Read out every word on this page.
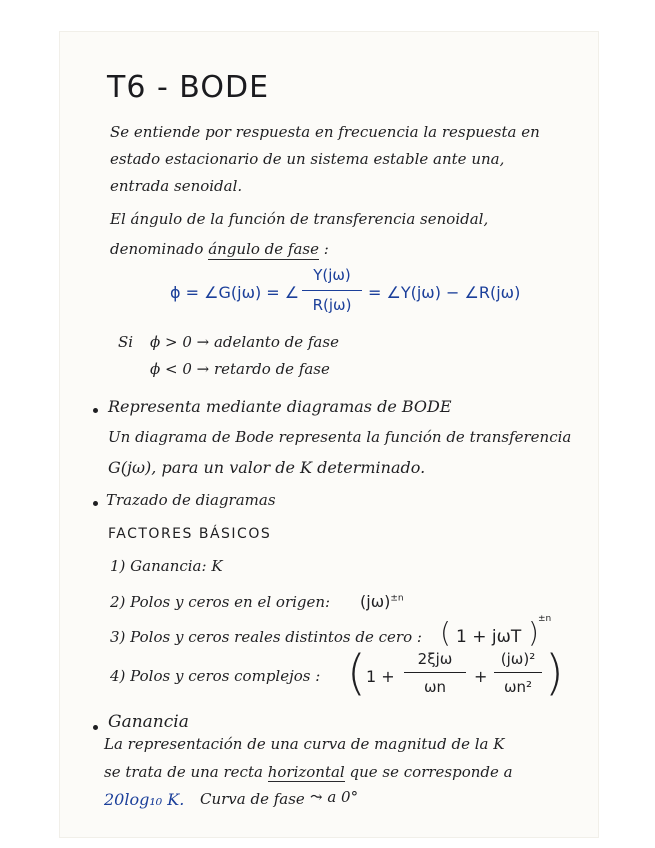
T6 - BODE
Se entiende por respuesta en frecuencia la respuesta en
estado estacionario de un sistema estable ante una,
entrada senoidal.
El ángulo de la función de transferencia senoidal,
denominado ángulo de fase :
ϕ = ∠G(jω) = ∠
Y(jω)
R(jω)
= ∠Y(jω) − ∠R(jω)
Si ϕ > 0 → adelanto de fase
ϕ < 0 → retardo de fase
Representa mediante diagramas de BODE
Un diagrama de Bode representa la función de transferencia
G(jω), para un valor de K determinado.
Trazado de diagramas
FACTORES BÁSICOS
1) Ganancia: K
2) Polos y ceros en el origen: $(j\omega)^{\pm n}$
3) Polos y ceros reales distintos de cero : ( 1 + jωT ) ±n
4) Polos y ceros complejos : ( 1 +
2ξjω
ωn
+
(jω)²
ωn² )
Ganancia
La representación de una curva de magnitud de la K
se trata de una recta horizontal que se corresponde a
20log₁₀ K. Curva de fase ⤳ a 0°
